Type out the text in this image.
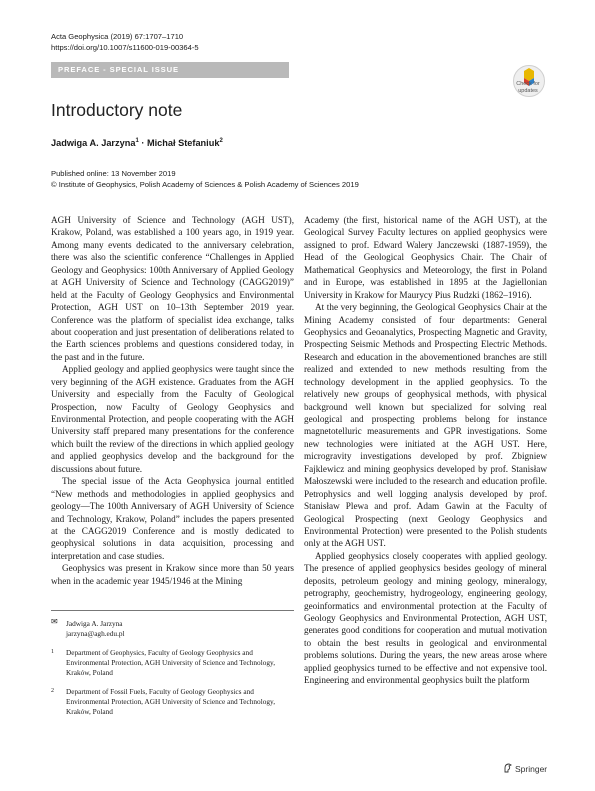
Acta Geophysica (2019) 67:1707–1710
https://doi.org/10.1007/s11600-019-00364-5
PREFACE - SPECIAL ISSUE
Check for
updates
Introductory note
Jadwiga A. Jarzyna$^1$ · Michał Stefaniuk$^2$
Published online: 13 November 2019
© Institute of Geophysics, Polish Academy of Sciences & Polish Academy of Sciences 2019

AGH University of Science and Technology (AGH UST), Krakow, Poland, was established a 100 years ago, in 1919 year. Among many events dedicated to the anniversary celebration, there was also the scientific conference “Challenges in Applied Geology and Geophysics: 100th Anniversary of Applied Geology at AGH University of Science and Technology (CAGG2019)” held at the Faculty of Geology Geophysics and Environmental Protection, AGH UST on 10–13th September 2019 year. Conference was the platform of specialist idea exchange, talks about cooperation and just presentation of deliberations related to the Earth sciences problems and questions considered today, in the past and in the future.

Applied geology and applied geophysics were taught since the very beginning of the AGH existence. Graduates from the AGH University and especially from the Faculty of Geological Prospection, now Faculty of Geology Geophysics and Environmental Protection, and people cooperating with the AGH University staff prepared many presentations for the conference which built the review of the directions in which applied geology and applied geophysics develop and the background for the discussions about future.

The special issue of the Acta Geophysica journal entitled “New methods and methodologies in applied geophysics and geology—The 100th Anniversary of AGH University of Science and Technology, Krakow, Poland” includes the papers presented at the CAGG2019 Conference and is mostly dedicated to geophysical solutions in data acquisition, processing and interpretation and case studies.

Geophysics was present in Krakow since more than 50 years when in the academic year 1945/1946 at the Mining

Academy (the first, historical name of the AGH UST), at the Geological Survey Faculty lectures on applied geophysics were assigned to prof. Edward Walery Janczewski (1887-1959), the Head of the Geological Geophysics Chair. The Chair of Mathematical Geophysics and Meteorology, the first in Poland and in Europe, was established in 1895 at the Jagiellonian University in Krakow for Maurycy Pius Rudzki (1862–1916).

At the very beginning, the Geological Geophysics Chair at the Mining Academy consisted of four departments: General Geophysics and Geoanalytics, Prospecting Magnetic and Gravity, Prospecting Seismic Methods and Prospecting Electric Methods. Research and education in the abovementioned branches are still realized and extended to new methods resulting from the technology development in the applied geophysics. To the relatively new groups of geophysical methods, with physical background well known but specialized for solving real geological and prospecting problems belong for instance magnetotelluric measurements and GPR investigations. Some new technologies were initiated at the AGH UST. Here, microgravity investigations developed by prof. Zbigniew Fajklewicz and mining geophysics developed by prof. Stanisław Małoszewski were included to the research and education profile. Petrophysics and well logging analysis developed by prof. Stanisław Plewa and prof. Adam Gawin at the Faculty of Geological Prospecting (next Geology Geophysics and Environmental Protection) were presented to the Polish students only at the AGH UST.

Applied geophysics closely cooperates with applied geology. The presence of applied geophysics besides geology of mineral deposits, petroleum geology and mining geology, mineralogy, petrography, geochemistry, hydrogeology, engineering geology, geoinformatics and environmental protection at the Faculty of Geology Geophysics and Environmental Protection, AGH UST, generates good conditions for cooperation and mutual motivation to obtain the best results in geological and environmental problems solutions. During the years, the new areas arose where applied geophysics turned to be effective and not expensive tool. Engineering and environmental geophysics built the platform

✉ Jadwiga A. Jarzyna
jarzyna@agh.edu.pl
1 Department of Geophysics, Faculty of Geology Geophysics and Environmental Protection, AGH University of Science and Technology, Kraków, Poland
2 Department of Fossil Fuels, Faculty of Geology Geophysics and Environmental Protection, AGH University of Science and Technology, Kraków, Poland
Springer
